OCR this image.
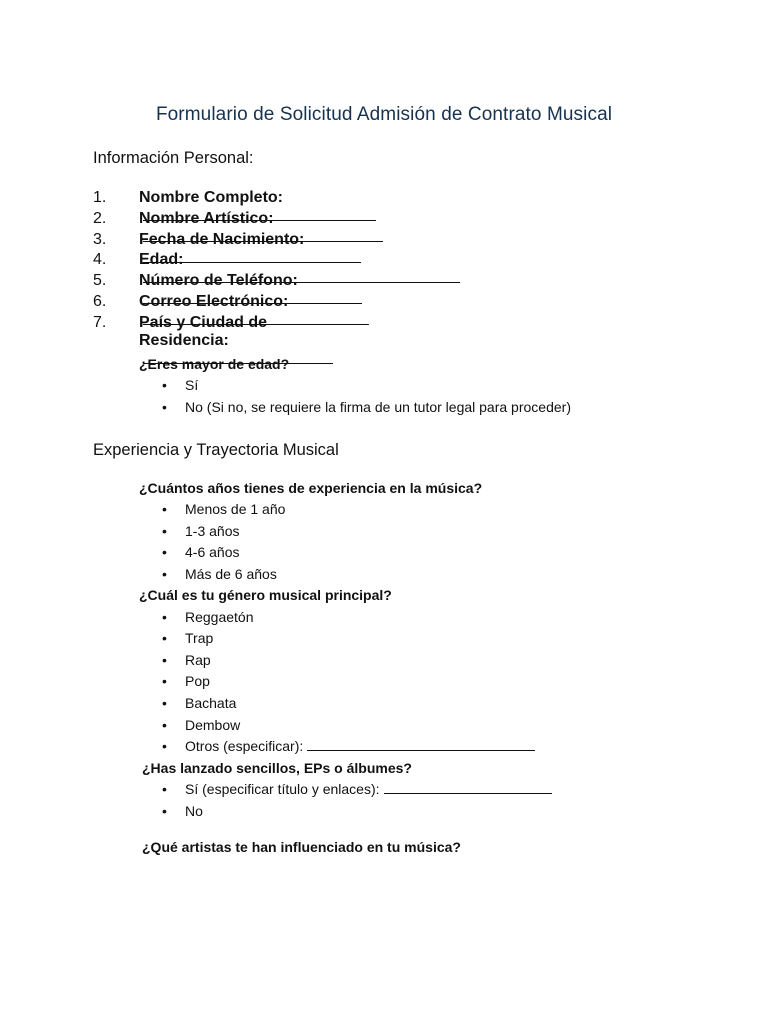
Formulario de Solicitud Admisión de Contrato Musical
Información Personal:
1. Nombre Completo:
2. Nombre Artístico:
3. Fecha de Nacimiento:
4. Edad:
5. Número de Teléfono:
6. Correo Electrónico:
7. País y Ciudad de Residencia:
¿Eres mayor de edad?
•
Sí
•
No (Si no, se requiere la firma de un tutor legal para proceder)
Experiencia y Trayectoria Musical
¿Cuántos años tienes de experiencia en la música?
•
Menos de 1 año
•
1-3 años
•
4-6 años
•
Más de 6 años
¿Cuál es tu género musical principal?
•
Reggaetón
•
Trap
•
Rap
•
Pop
•
Bachata
•
Dembow
•
Otros (especificar):
¿Has lanzado sencillos, EPs o álbumes?
•
Sí (especificar título y enlaces):
•
No
¿Qué artistas te han influenciado en tu música?
